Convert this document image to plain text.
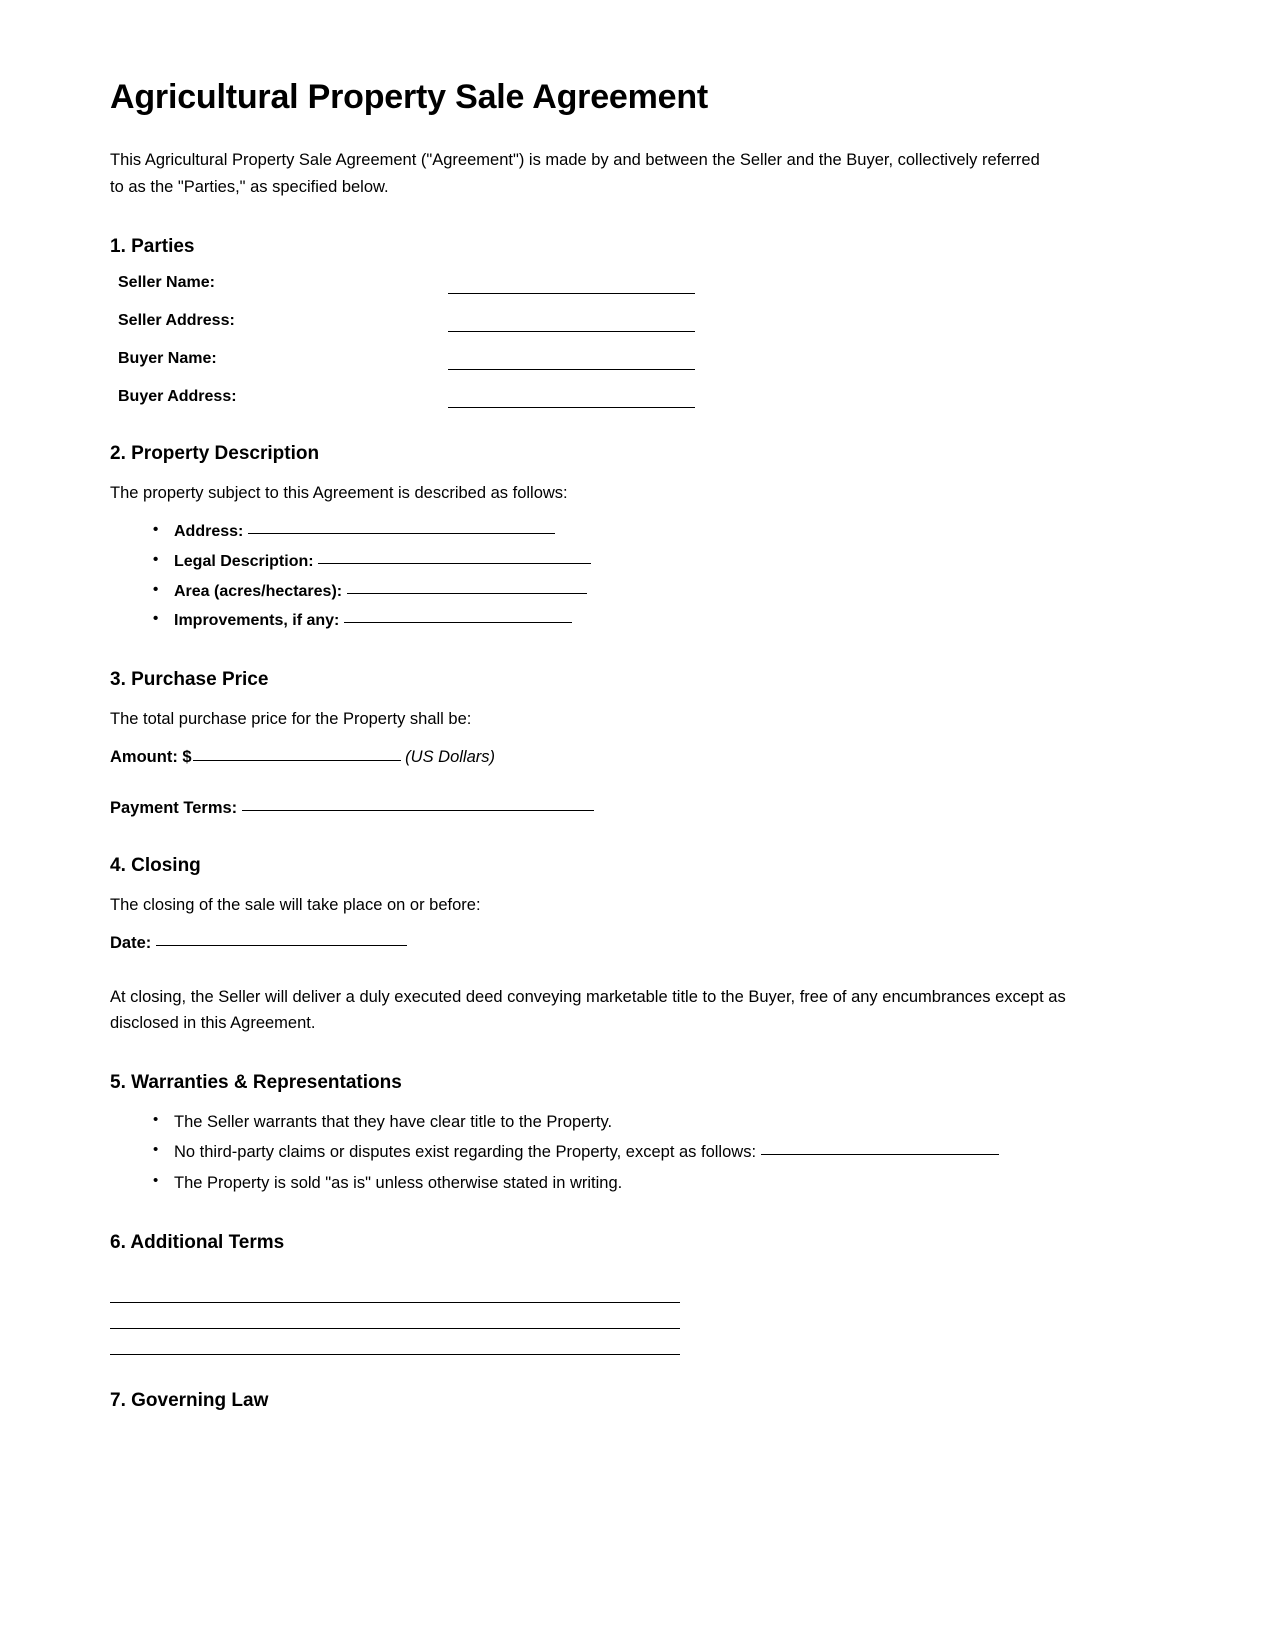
Agricultural Property Sale Agreement

This Agricultural Property Sale Agreement ("Agreement") is made by and between the Seller and the Buyer, collectively referred to as the "Parties," as specified below.

1. Parties
Seller Name:
Seller Address:
Buyer Name:
Buyer Address:
2. Property Description

The property subject to this Agreement is described as follows:

• Address:
• Legal Description:
• Area (acres/hectares):
• Improvements, if any:
3. Purchase Price

The total purchase price for the Property shall be:

Amount: $	(US Dollars)
Payment Terms:
4. Closing

The closing of the sale will take place on or before:

Date:

At closing, the Seller will deliver a duly executed deed conveying marketable title to the Buyer, free of any encumbrances except as disclosed in this Agreement.

5. Warranties & Representations
• The Seller warrants that they have clear title to the Property.
• No third-party claims or disputes exist regarding the Property, except as follows:
• The Property is sold "as is" unless otherwise stated in writing.
6. Additional Terms
7. Governing Law
